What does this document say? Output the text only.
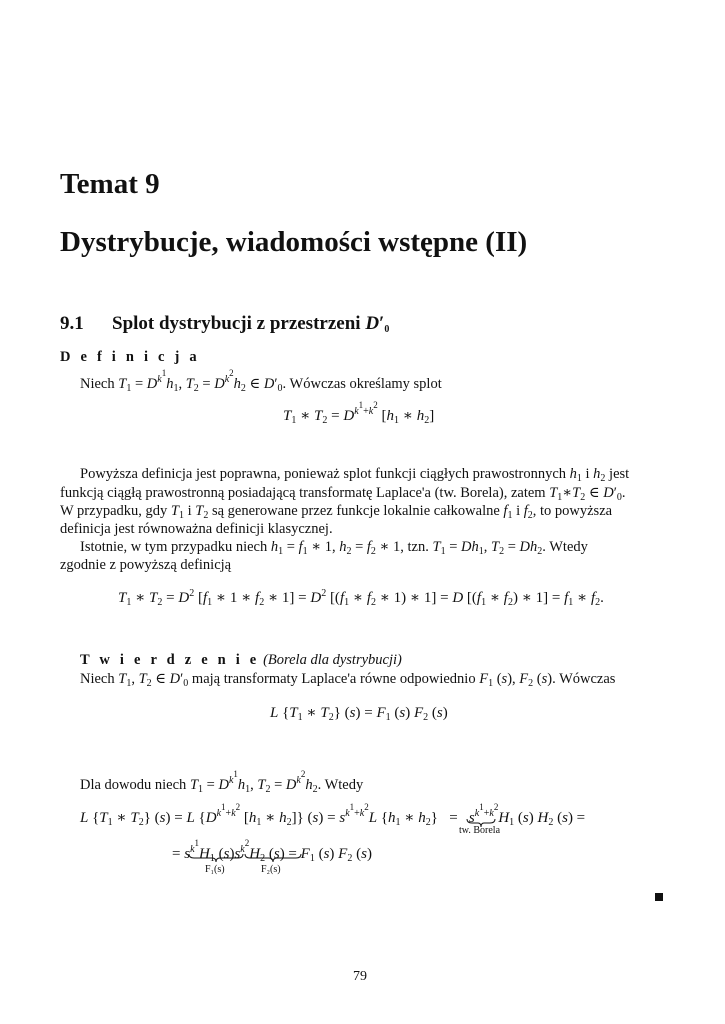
Temat 9
Dystrybucje, wiadomości wstępne (II)
9.1 Splot dystrybucji z przestrzeni $D'_0$
D e f i n i c j a
Niech $T_1 = D^{k1}h_1$, $T_2 = D^{k2}h_2$ ∈ $D'_0$. Wówczas określamy splot
$T_1$ ∗ $T_2 = D^{k1+k2}$ [$h_1$ ∗ $h_2$]
Powyższa definicja jest poprawna, ponieważ splot funkcji ciągłych prawostronnych $h_1$ i $h_2$ jest
funkcją ciągłą prawostronną posiadającą transformatę Laplace'a (tw. Borela), zatem $T_1∗T_2$ ∈ $D'_0$.
W przypadku, gdy $T_1$ i $T_2$ są generowane przez funkcje lokalnie całkowalne $f_1$ i $f_2$, to powyższa
definicja jest równoważna definicji klasycznej.
Istotnie, w tym przypadku niech $h_1 = f_1$ ∗ 1, $h_2 = f_2$ ∗ 1, tzn. $T_1 = Dh_1$, $T_2 = Dh_2$. Wtedy
zgodnie z powyższą definicją
$T_1$ ∗ $T_2 = D^2$ [$f_1$ ∗ 1 ∗ $f_2$ ∗ $1] = D^2$ [($f_1$ ∗ $f_2$ ∗ 1) ∗ 1] = D [($f_1$ ∗ $f_2$) ∗ $1] = f_1$ ∗ $f_2$.
T w i e r d z e n i e (Borela dla dystrybucji)
Niech $T_1$, $T_2$ ∈ $D'_0$ mają transformaty Laplace'a równe odpowiednio $F_1$ (s), $F_2$ (s). Wówczas
L {$T_1$ ∗ $T_2$} $(s) = F_1$ (s) $F_2$ (s)
Dla dowodu niech $T_1 = D^{k1}h_1$, $T_2 = D^{k2}h_2$. Wtedy
L {$T_1$ ∗ $T_2$} (s) = L {$D^{k1+k2}$ [$h_1$ ∗ $h_2$]} $(s) = s^{k1+k2}L$ {$h_1$ ∗ $h_2\} = s^{k1+k2}H_1$ (s) $H_2$ (s) =
tw. Borela
= $s^{k1}H_1$ $(s)s^{k2}H_2$ $(s) = F_1$ (s) $F_2$ (s)
F₁(s)	F₂(s)
79
